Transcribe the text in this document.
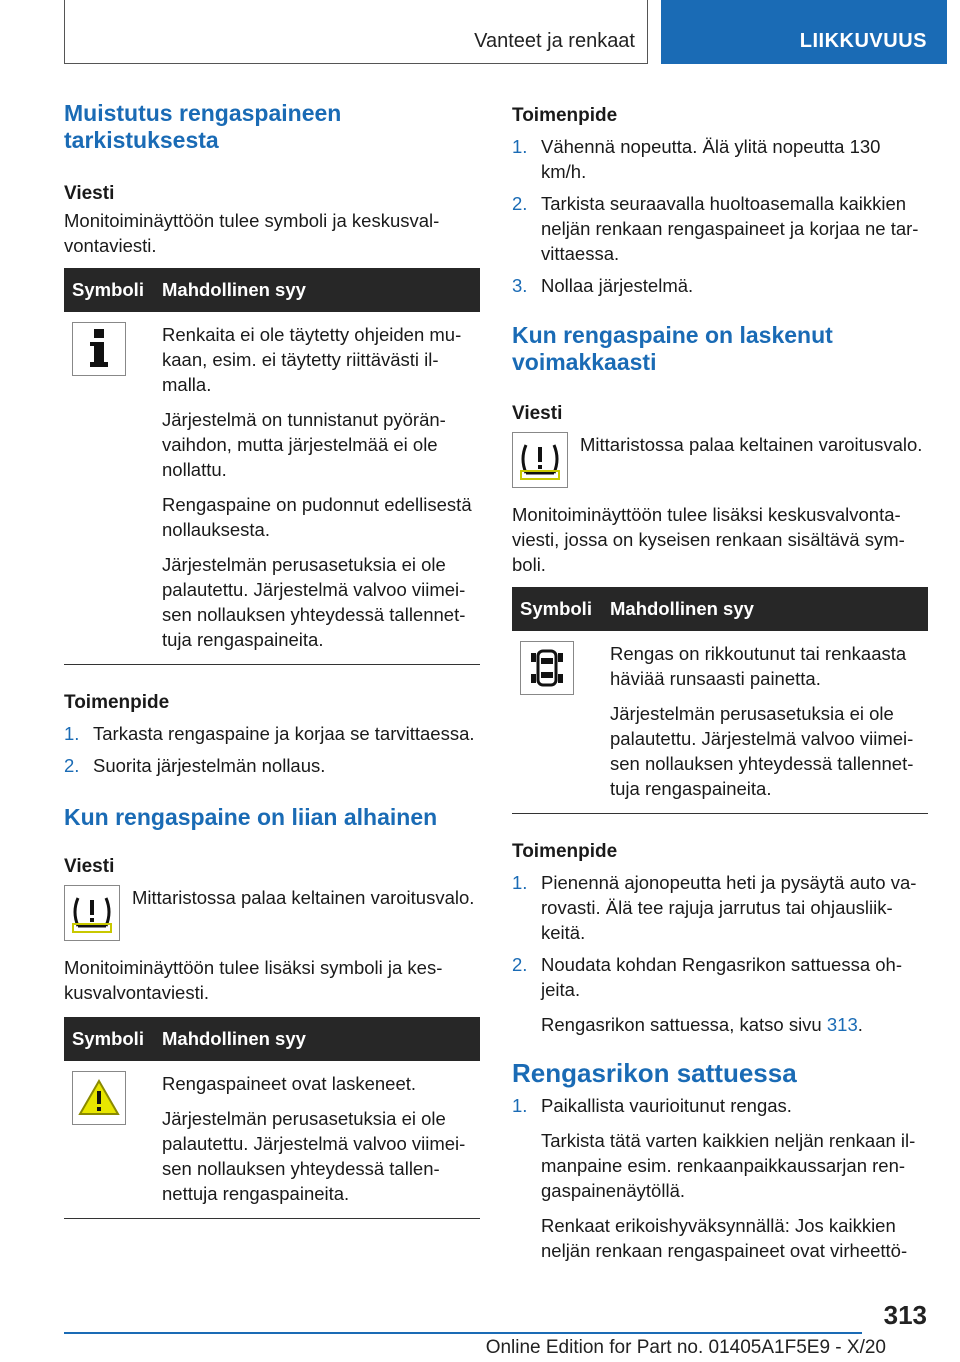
Vanteet ja renkaat	LIIKKUVUUS
Muistutus rengaspaineen tarkistuksesta
Viesti

Monitoiminäyttöön tulee symboli ja keskusvalvontaviesti.

Symboli	Mahdollinen syy

Renkaita ei ole täytetty ohjeiden mukaan, esim. ei täytetty riittävästi ilmalla.

Järjestelmä on tunnistanut pyöränvaihdon, mutta järjestelmää ei ole nollattu.

Rengaspaine on pudonnut edellisestä nollauksesta.

Järjestelmän perusasetuksia ei ole palautettu. Järjestelmä valvoo viimeisen nollauksen yhteydessä tallennettuja rengaspaineita.

Toimenpide
1. Tarkasta rengaspaine ja korjaa se tarvittaessa.
2. Suorita järjestelmän nollaus.
Kun rengaspaine on liian alhainen
Viesti

Mittaristossa palaa keltainen varoitusvalo.

Monitoiminäyttöön tulee lisäksi symboli ja keskusvalvontaviesti.

Symboli	Mahdollinen syy

Rengaspaineet ovat laskeneet.

Järjestelmän perusasetuksia ei ole palautettu. Järjestelmä valvoo viimeisen nollauksen yhteydessä tallennettuja rengaspaineita.

Toimenpide
1. Vähennä nopeutta. Älä ylitä nopeutta 130 km/h.
2. Tarkista seuraavalla huoltoasemalla kaikkien neljän renkaan rengaspaineet ja korjaa ne tarvittaessa.
3. Nollaa järjestelmä.
Kun rengaspaine on laskenut voimakkaasti
Viesti

Mittaristossa palaa keltainen varoitusvalo.

Monitoiminäyttöön tulee lisäksi keskusvalvontaviesti, jossa on kyseisen renkaan sisältävä symboli.

Symboli	Mahdollinen syy

Rengas on rikkoutunut tai renkaasta häviää runsaasti painetta.

Järjestelmän perusasetuksia ei ole palautettu. Järjestelmä valvoo viimeisen nollauksen yhteydessä tallennettuja rengaspaineita.

Toimenpide
1. Pienennä ajonopeutta heti ja pysäytä auto varovasti. Älä tee rajuja jarrutus tai ohjausliikkeitä.
2. Noudata kohdan Rengasrikon sattuessa ohjeita.

Rengasrikon sattuessa, katso sivu 313.

Rengasrikon sattuessa
1. Paikallista vaurioitunut rengas.

Tarkista tätä varten kaikkien neljän renkaan ilmanpaine esim. renkaanpaikkaussarjan rengaspainenäytöllä.

Renkaat erikoishyväksynnällä: Jos kaikkien neljän renkaan rengaspaineet ovat virheettö-

313
Online Edition for Part no. 01405A1F5E9 - X/20
